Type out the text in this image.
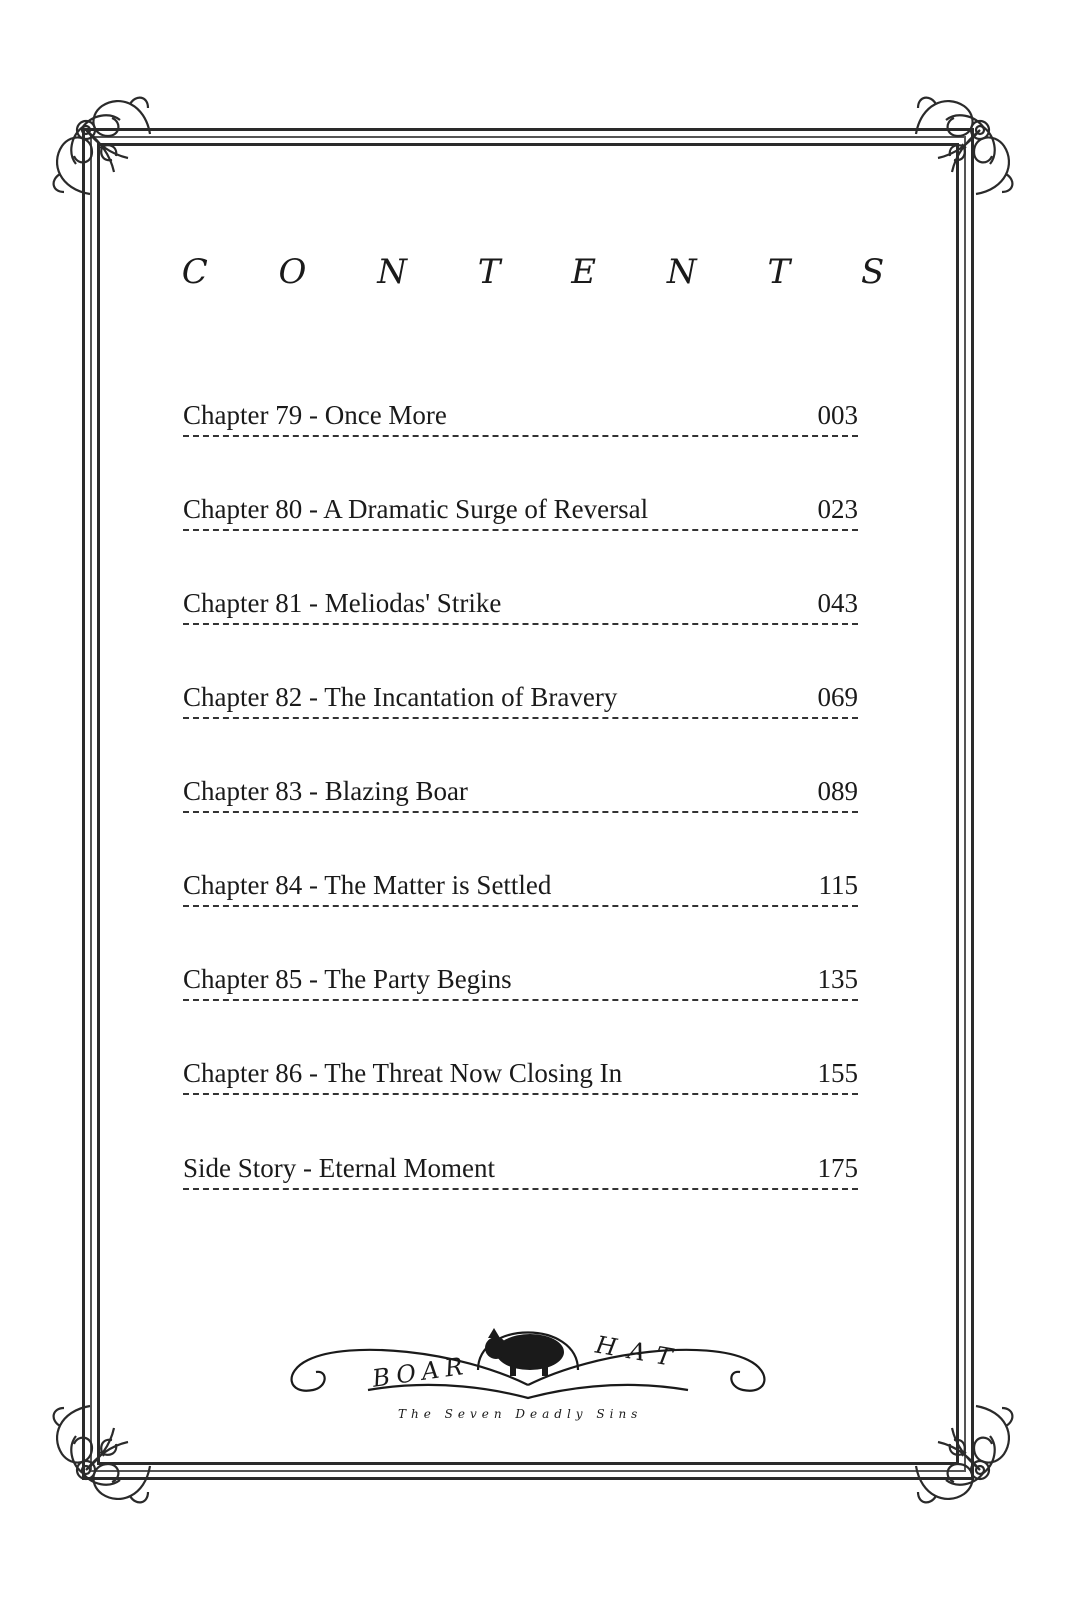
C O N T E N T S
Chapter 79 - Once More	003
Chapter 80 - A Dramatic Surge of Reversal	023
Chapter 81 - Meliodas' Strike	043
Chapter 82 - The Incantation of Bravery	069
Chapter 83 - Blazing Boar	089
Chapter 84 - The Matter is Settled	115
Chapter 85 - The Party Begins	135
Chapter 86 - The Threat Now Closing In	155
Side Story - Eternal Moment	175
BOAR	HAT
The Seven Deadly Sins
